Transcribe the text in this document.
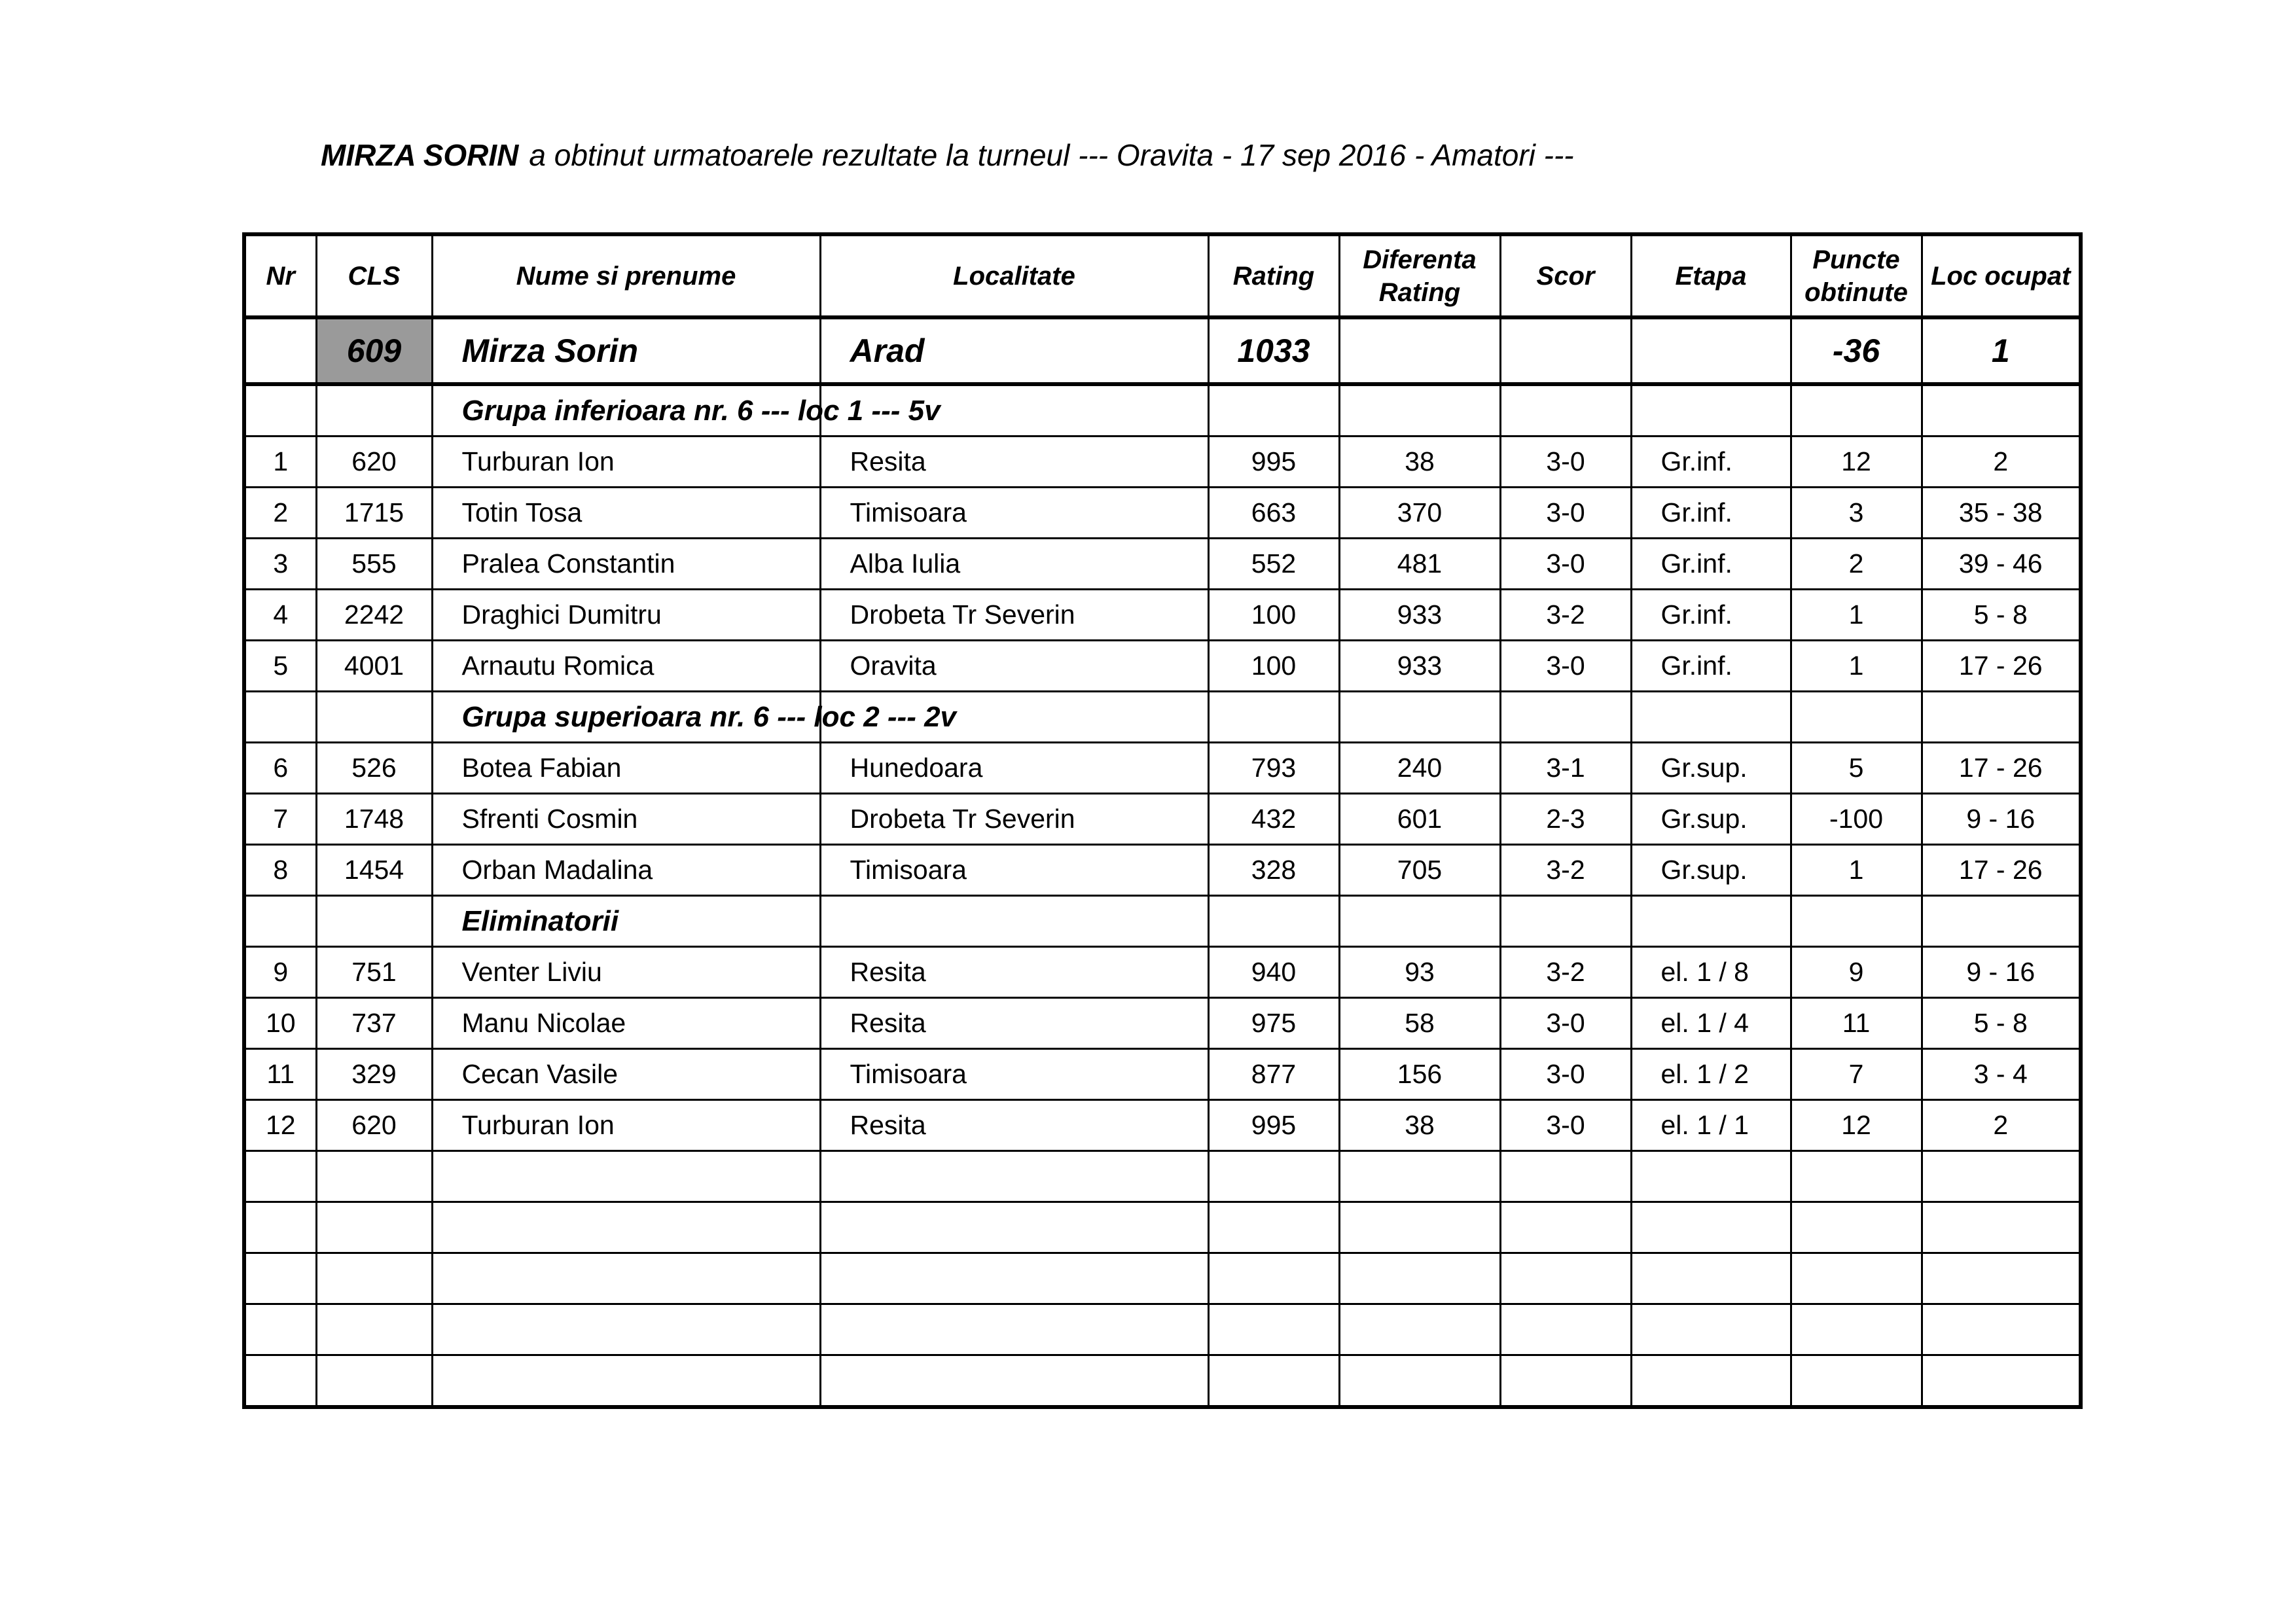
MIRZA SORIN a obtinut urmatoarele rezultate la turneul --- Oravita - 17 sep 2016 - Amatori ---
Nr	CLS	Nume si prenume	Localitate	Rating	Diferenta Rating	Scor	Etapa	Puncte obtinute	Loc ocupat
	609	Mirza Sorin	Arad	1033				-36	1
		Grupa inferioara nr. 6 --- loc 1 --- 5v							
1	620	Turburan Ion	Resita	995	38	3-0	Gr.inf.	12	2
2	1715	Totin Tosa	Timisoara	663	370	3-0	Gr.inf.	3	35 - 38
3	555	Pralea Constantin	Alba Iulia	552	481	3-0	Gr.inf.	2	39 - 46
4	2242	Draghici Dumitru	Drobeta Tr Severin	100	933	3-2	Gr.inf.	1	5 - 8
5	4001	Arnautu Romica	Oravita	100	933	3-0	Gr.inf.	1	17 - 26
		Grupa superioara nr. 6 --- loc 2 --- 2v							
6	526	Botea Fabian	Hunedoara	793	240	3-1	Gr.sup.	5	17 - 26
7	1748	Sfrenti Cosmin	Drobeta Tr Severin	432	601	2-3	Gr.sup.	-100	9 - 16
8	1454	Orban Madalina	Timisoara	328	705	3-2	Gr.sup.	1	17 - 26
		Eliminatorii							
9	751	Venter Liviu	Resita	940	93	3-2	el. 1 / 8	9	9 - 16
10	737	Manu Nicolae	Resita	975	58	3-0	el. 1 / 4	11	5 - 8
11	329	Cecan Vasile	Timisoara	877	156	3-0	el. 1 / 2	7	3 - 4
12	620	Turburan Ion	Resita	995	38	3-0	el. 1 / 1	12	2
